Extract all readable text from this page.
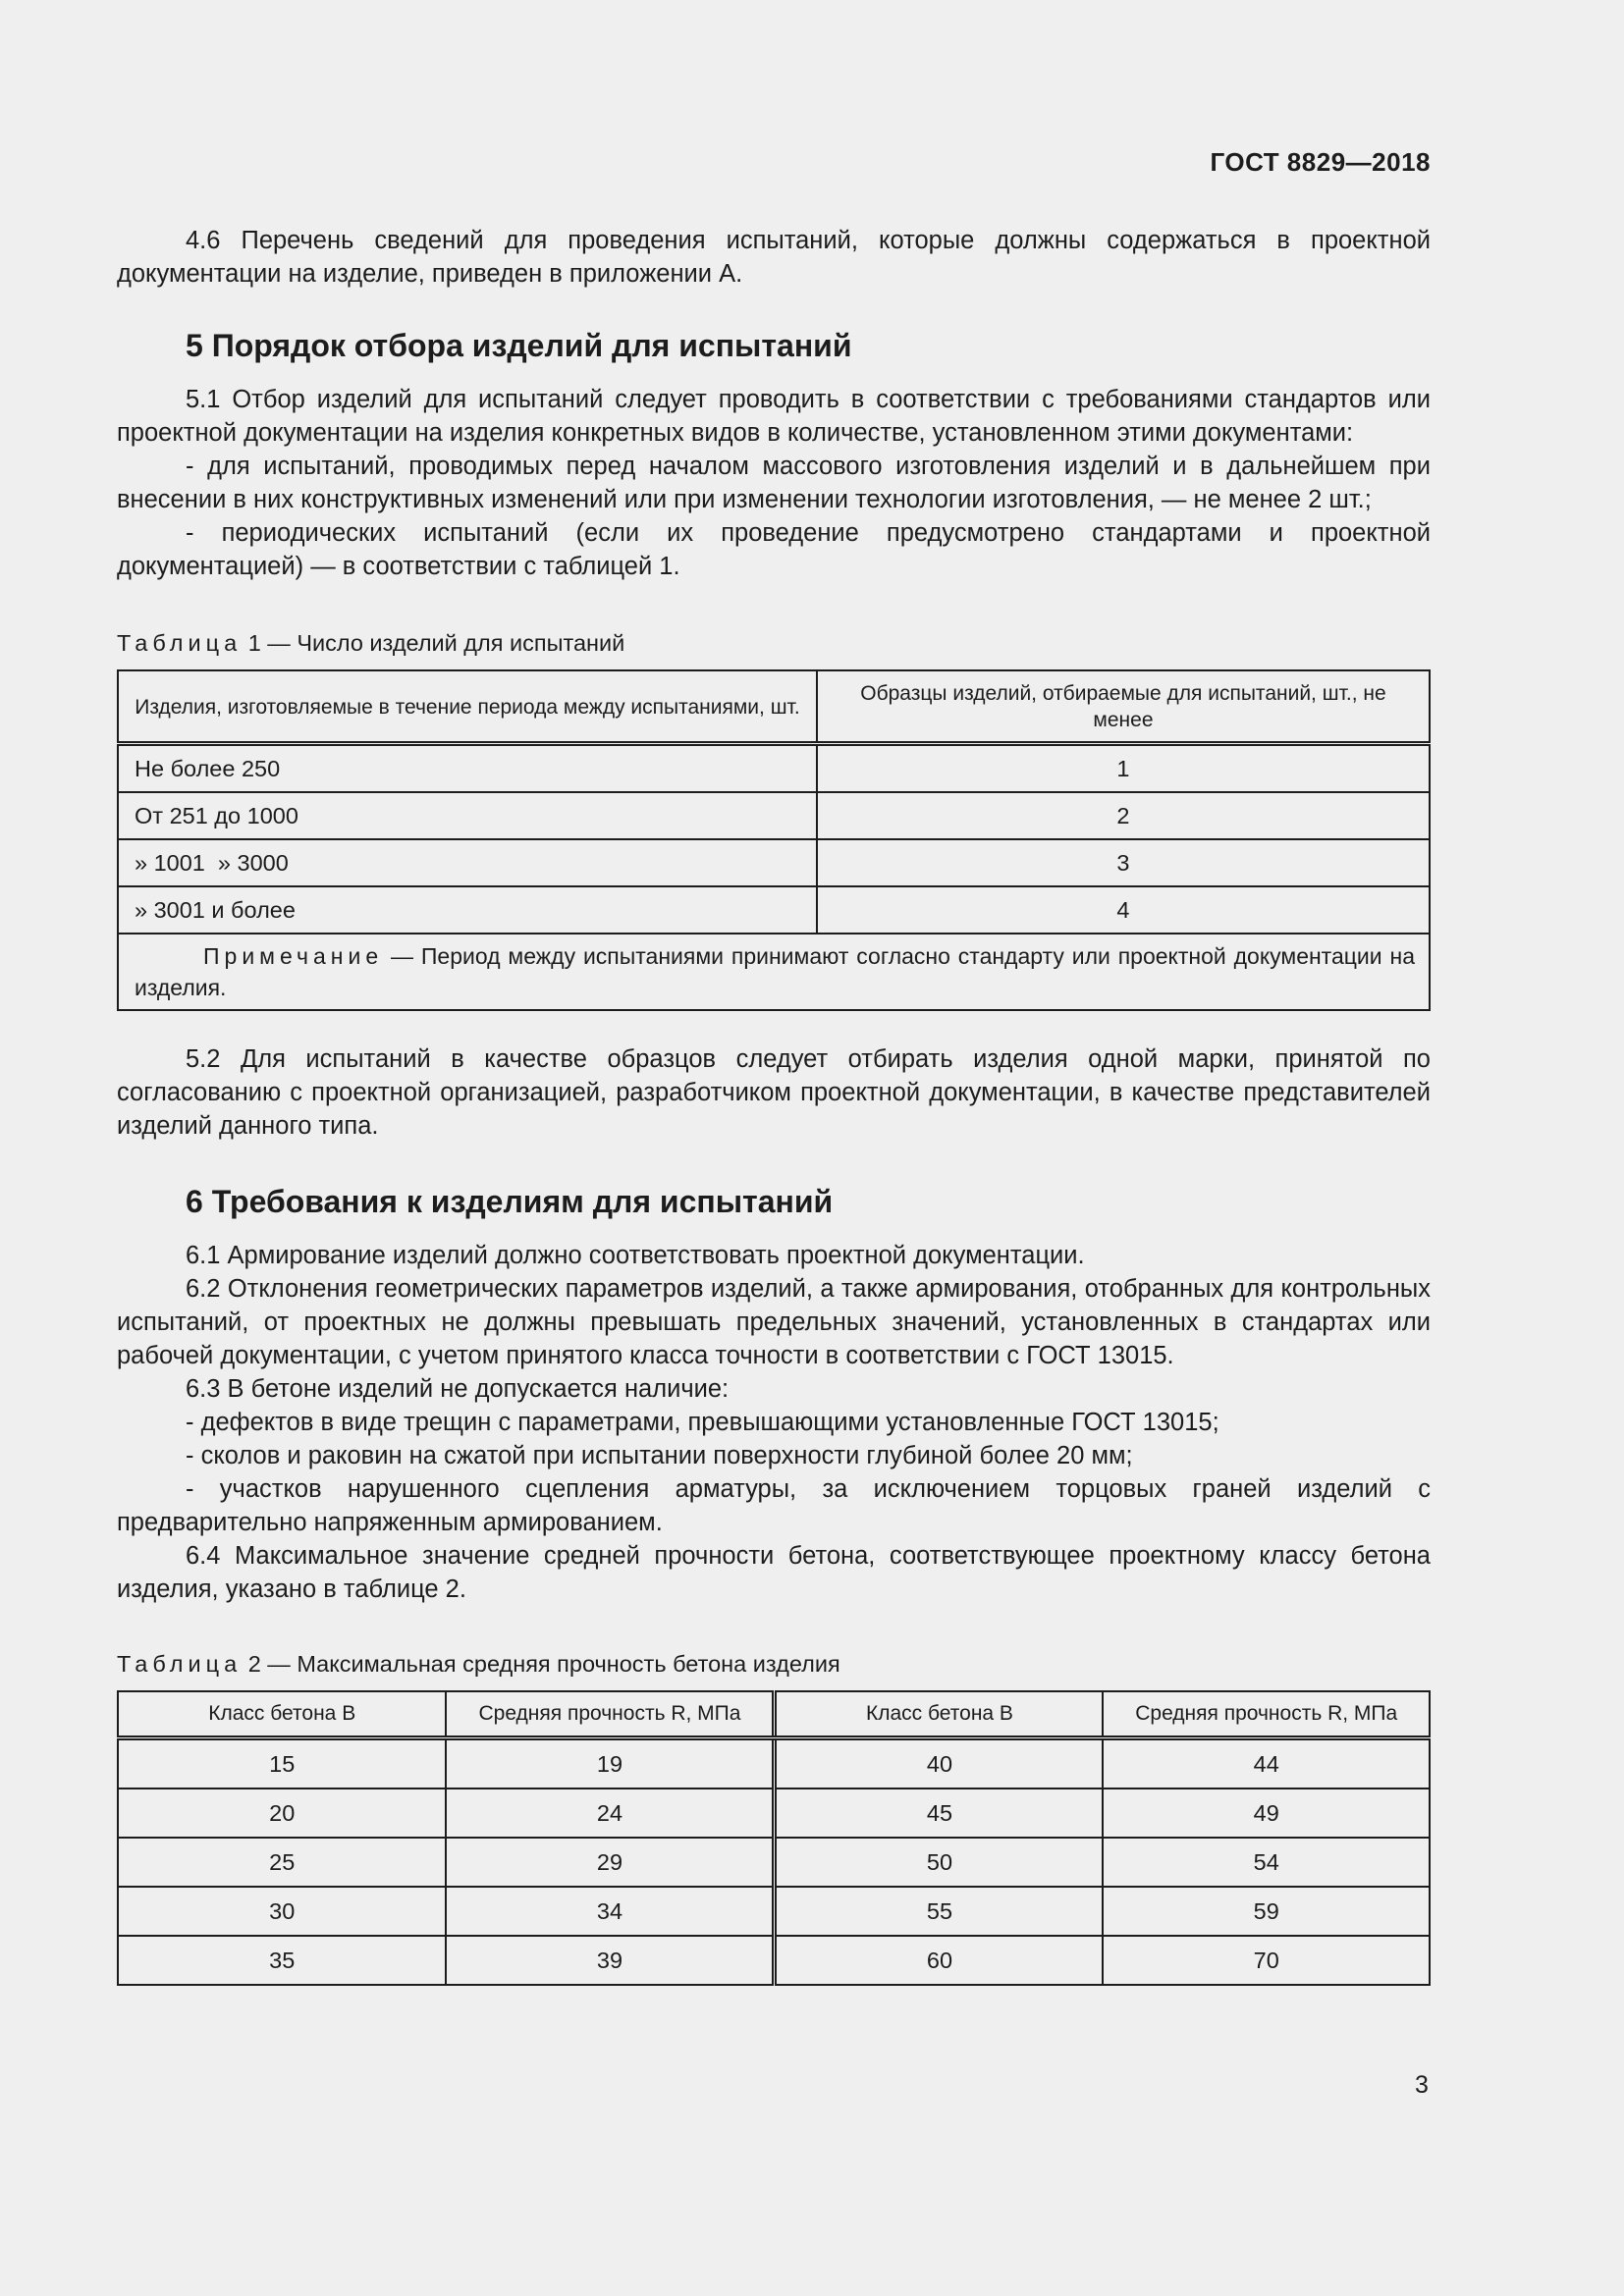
ГОСТ 8829—2018

4.6 Перечень сведений для проведения испытаний, которые должны содержаться в проектной документации на изделие, приведен в приложении А.

5 Порядок отбора изделий для испытаний

5.1 Отбор изделий для испытаний следует проводить в соответствии с требованиями стандартов или проектной документации на изделия конкретных видов в количестве, установленном этими документами:

- для испытаний, проводимых перед началом массового изготовления изделий и в дальнейшем при внесении в них конструктивных изменений или при изменении технологии изготовления, — не менее 2 шт.;

- периодических испытаний (если их проведение предусмотрено стандартами и проектной документацией) — в соответствии с таблицей 1.

Таблица 1 — Число изделий для испытаний
Изделия, изготовляемые в течение периода между испытаниями, шт.	Образцы изделий, отбираемые для испытаний, шт., не менее
Не более 250	1
От 251 до 1000	2
» 1001  » 3000	3
» 3001 и более	4
Примечание — Период между испытаниями принимают согласно стандарту или проектной документации на изделия.	

5.2 Для испытаний в качестве образцов следует отбирать изделия одной марки, принятой по согласованию с проектной организацией, разработчиком проектной документации, в качестве представителей изделий данного типа.

6 Требования к изделиям для испытаний

6.1 Армирование изделий должно соответствовать проектной документации.

6.2 Отклонения геометрических параметров изделий, а также армирования, отобранных для контрольных испытаний, от проектных не должны превышать предельных значений, установленных в стандартах или рабочей документации, с учетом принятого класса точности в соответствии с ГОСТ 13015.

6.3 В бетоне изделий не допускается наличие:

- дефектов в виде трещин с параметрами, превышающими установленные ГОСТ 13015;

- сколов и раковин на сжатой при испытании поверхности глубиной более 20 мм;

- участков нарушенного сцепления арматуры, за исключением торцовых граней изделий с предварительно напряженным армированием.

6.4 Максимальное значение средней прочности бетона, соответствующее проектному классу бетона изделия, указано в таблице 2.

Таблица 2 — Максимальная средняя прочность бетона изделия
Класс бетона В	Средняя прочность R, МПа	Класс бетона В	Средняя прочность R, МПа
15	19	40	44
20	24	45	49
25	29	50	54
30	34	55	59
35	39	60	70
3
